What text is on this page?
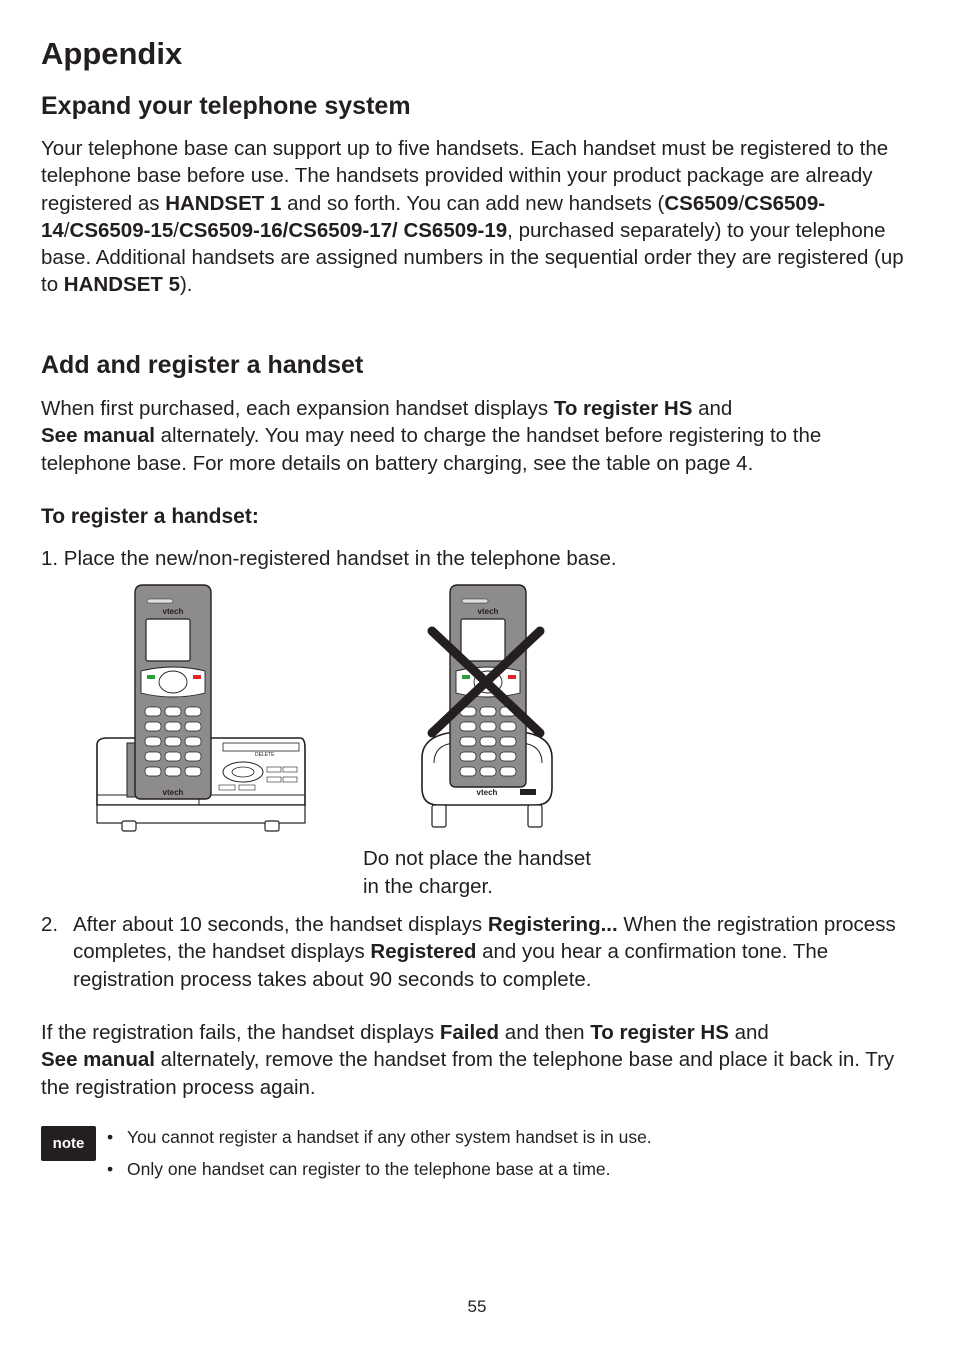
Appendix
Expand your telephone system

Your telephone base can support up to five handsets. Each handset must be registered to the telephone base before use. The handsets provided within your product package are already registered as HANDSET 1 and so forth. You can add new handsets (CS6509/CS6509-14/CS6509-15/CS6509-16/CS6509-17/ CS6509-19, purchased separately) to your telephone base. Additional handsets are assigned numbers in the sequential order they are registered (up to HANDSET 5).

Add and register a handset

When first purchased, each expansion handset displays To register HS and
See manual alternately. You may need to charge the handset before registering to the telephone base. For more details on battery charging, see the table on page 4.

To register a handset:

1. Place the new/non-registered handset in the telephone base.

DELETE
vtech
vtech	vtech
vtech
Do not place the handset
in the charger.
2. After about 10 seconds, the handset displays Registering... When the registration process completes, the handset displays Registered and you hear a confirmation tone. The registration process takes about 90 seconds to complete.

If the registration fails, the handset displays Failed and then To register HS and
See manual alternately, remove the handset from the telephone base and place it back in. Try the registration process again.

note
•	You cannot register a handset if any other system handset is in use.
• Only one handset can register to the telephone base at a time.
55
